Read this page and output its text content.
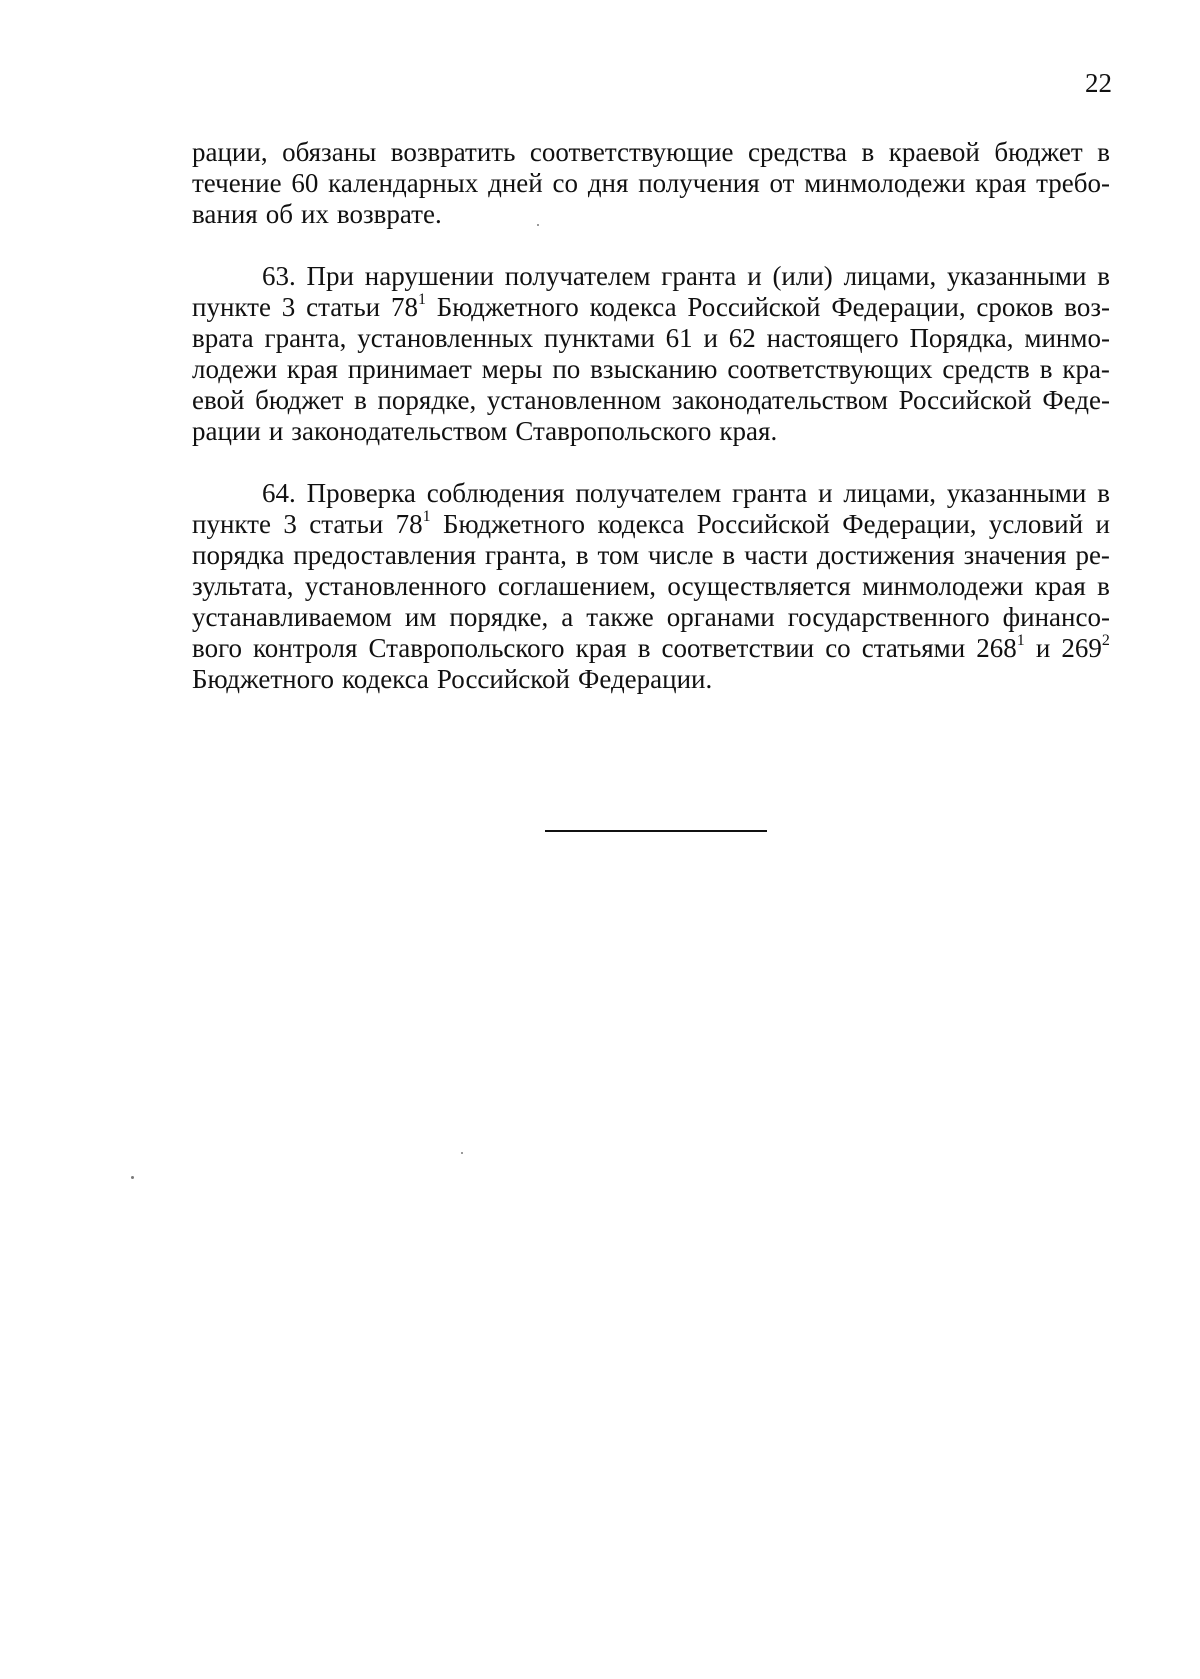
22
рации, обязаны возвратить соответствующие средства в краевой бюджет в
течение 60 календарных дней со дня получения от минмолодежи края требо-
вания об их возврате.
63. При нарушении получателем гранта и (или) лицами, указанными в
пункте 3 статьи $78^1$ Бюджетного кодекса Российской Федерации, сроков воз-
врата гранта, установленных пунктами 61 и 62 настоящего Порядка, минмо-
лодежи края принимает меры по взысканию соответствующих средств в кра-
евой бюджет в порядке, установленном законодательством Российской Феде-
рации и законодательством Ставропольского края.
64. Проверка соблюдения получателем гранта и лицами, указанными в
пункте 3 статьи $78^1$ Бюджетного кодекса Российской Федерации, условий и
порядка предоставления гранта, в том числе в части достижения значения ре-
зультата, установленного соглашением, осуществляется минмолодежи края в
устанавливаемом им порядке, а также органами государственного финансо-
вого контроля Ставропольского края в соответствии со статьями $268^1$ и $269^2$
Бюджетного кодекса Российской Федерации.
